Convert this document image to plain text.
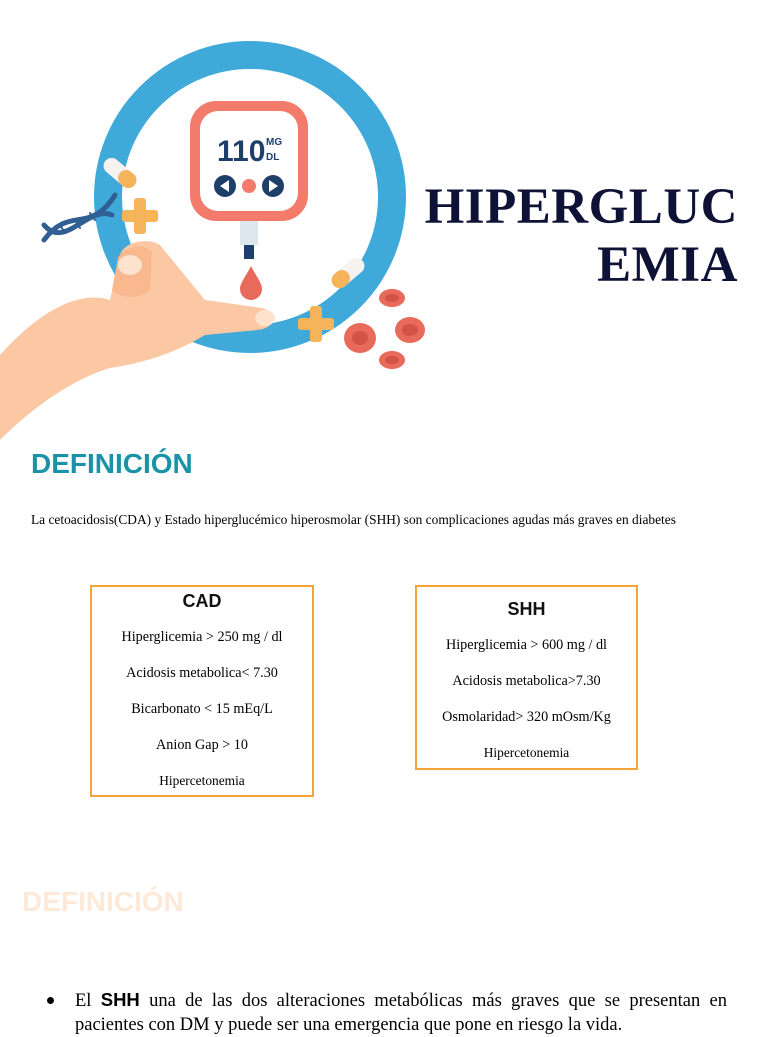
110 MG
DL
HIPERGLUC
EMIA
DEFINICIÓN
La cetoacidosis(CDA) y Estado hiperglucémico hiperosmolar (SHH) son complicaciones agudas más graves en diabetes
CAD
Hiperglicemia > 250 mg / dl
Acidosis metabolica< 7.30
Bicarbonato < 15 mEq/L
Anion Gap > 10
Hipercetonemia
SHH
Hiperglicemia > 600 mg / dl
Acidosis metabolica>7.30
Osmolaridad> 320 mOsm/Kg
Hipercetonemia
DEFINICIÓN
El SHH una de las dos alteraciones metabólicas más graves que se presentan en pacientes con DM y puede ser una emergencia que pone en riesgo la vida.
